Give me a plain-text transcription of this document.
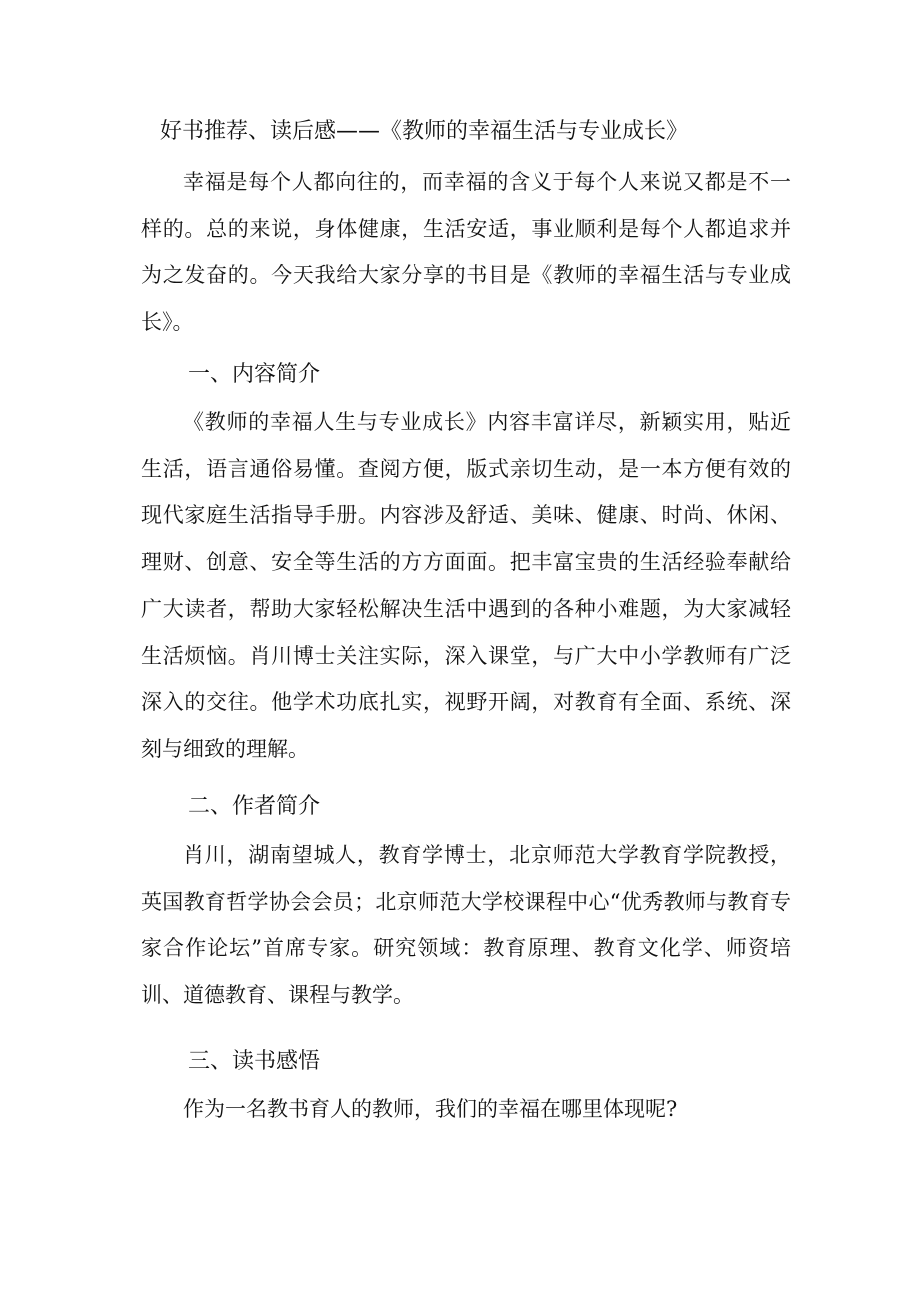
好书推荐、读后感——《教师的幸福生活与专业成长》

幸福是每个人都向往的，而幸福的含义于每个人来说又都是不一样的。总的来说，身体健康，生活安适，事业顺利是每个人都追求并为之发奋的。今天我给大家分享的书目是《教师的幸福生活与专业成长》。

一、内容简介

《教师的幸福人生与专业成长》内容丰富详尽，新颖实用，贴近生活，语言通俗易懂。查阅方便，版式亲切生动，是一本方便有效的现代家庭生活指导手册。内容涉及舒适、美味、健康、时尚、休闲、理财、创意、安全等生活的方方面面。把丰富宝贵的生活经验奉献给广大读者，帮助大家轻松解决生活中遇到的各种小难题，为大家减轻生活烦恼。肖川博士关注实际，深入课堂，与广大中小学教师有广泛深入的交往。他学术功底扎实，视野开阔，对教育有全面、系统、深刻与细致的理解。

二、作者简介

肖川，湖南望城人，教育学博士，北京师范大学教育学院教授，英国教育哲学协会会员；北京师范大学校课程中心“优秀教师与教育专家合作论坛”首席专家。研究领域：教育原理、教育文化学、师资培训、道德教育、课程与教学。

三、读书感悟

作为一名教书育人的教师，我们的幸福在哪里体现呢?
